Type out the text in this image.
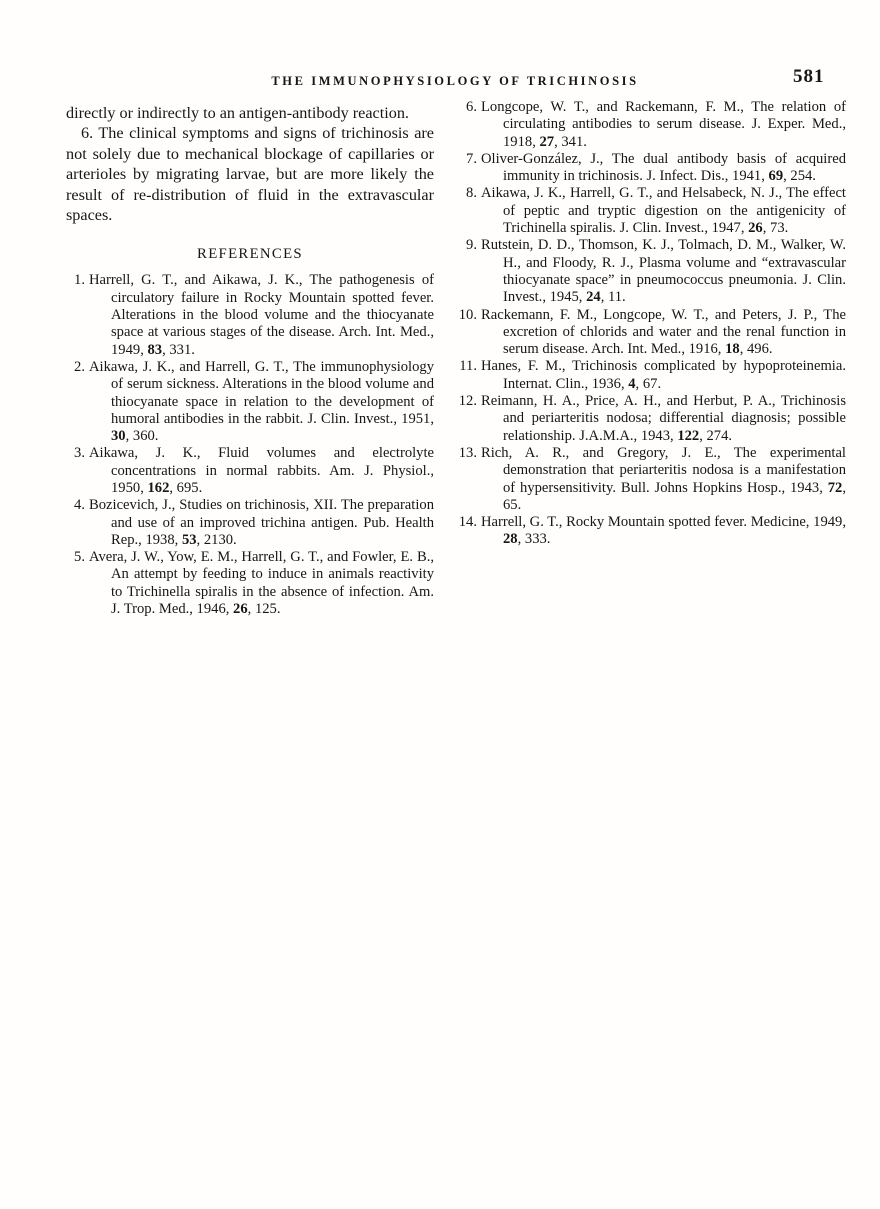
THE IMMUNOPHYSIOLOGY OF TRICHINOSIS	581

directly or indirectly to an antigen-antibody reaction.

6. The clinical symptoms and signs of trichinosis are not solely due to mechanical blockage of capillaries or arterioles by migrating larvae, but are more likely the result of re-distribution of fluid in the extravascular spaces.

REFERENCES
1. Harrell, G. T., and Aikawa, J. K., The pathogenesis of circulatory failure in Rocky Mountain spotted fever. Alterations in the blood volume and the thiocyanate space at various stages of the disease. Arch. Int. Med., 1949, 83, 331.
2. Aikawa, J. K., and Harrell, G. T., The immunophysiology of serum sickness. Alterations in the blood volume and thiocyanate space in relation to the development of humoral antibodies in the rabbit. J. Clin. Invest., 1951, 30, 360.
3. Aikawa, J. K., Fluid volumes and electrolyte concentrations in normal rabbits. Am. J. Physiol., 1950, 162, 695.
4. Bozicevich, J., Studies on trichinosis, XII. The preparation and use of an improved trichina antigen. Pub. Health Rep., 1938, 53, 2130.
5. Avera, J. W., Yow, E. M., Harrell, G. T., and Fowler, E. B., An attempt by feeding to induce in animals reactivity to Trichinella spiralis in the absence of infection. Am. J. Trop. Med., 1946, 26, 125.
6. Longcope, W. T., and Rackemann, F. M., The relation of circulating antibodies to serum disease. J. Exper. Med., 1918, 27, 341.
7. Oliver-González, J., The dual antibody basis of acquired immunity in trichinosis. J. Infect. Dis., 1941, 69, 254.
8. Aikawa, J. K., Harrell, G. T., and Helsabeck, N. J., The effect of peptic and tryptic digestion on the antigenicity of Trichinella spiralis. J. Clin. Invest., 1947, 26, 73.
9. Rutstein, D. D., Thomson, K. J., Tolmach, D. M., Walker, W. H., and Floody, R. J., Plasma volume and “extravascular thiocyanate space” in pneumococcus pneumonia. J. Clin. Invest., 1945, 24, 11.
10. Rackemann, F. M., Longcope, W. T., and Peters, J. P., The excretion of chlorids and water and the renal function in serum disease. Arch. Int. Med., 1916, 18, 496.
11. Hanes, F. M., Trichinosis complicated by hypoproteinemia. Internat. Clin., 1936, 4, 67.
12. Reimann, H. A., Price, A. H., and Herbut, P. A., Trichinosis and periarteritis nodosa; differential diagnosis; possible relationship. J.A.M.A., 1943, 122, 274.
13. Rich, A. R., and Gregory, J. E., The experimental demonstration that periarteritis nodosa is a manifestation of hypersensitivity. Bull. Johns Hopkins Hosp., 1943, 72, 65.
14. Harrell, G. T., Rocky Mountain spotted fever. Medicine, 1949, 28, 333.
